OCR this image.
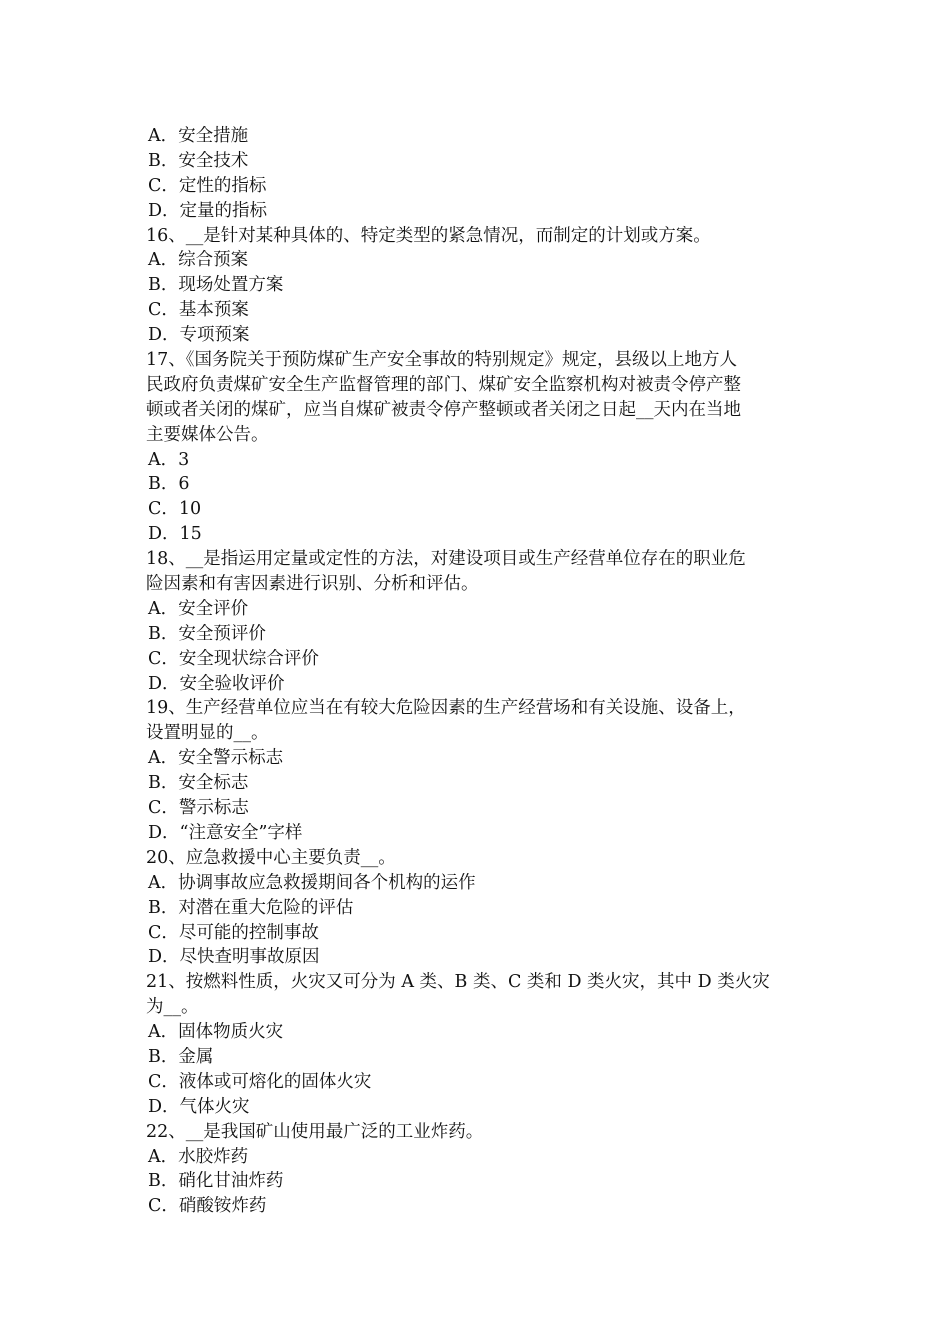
A．安全措施
B．安全技术
C．定性的指标
D．定量的指标
16、__是针对某种具体的、特定类型的紧急情况，而制定的计划或方案。
A．综合预案
B．现场处置方案
C．基本预案
D．专项预案
17、《国务院关于预防煤矿生产安全事故的特别规定》规定，县级以上地方人
民政府负责煤矿安全生产监督管理的部门、煤矿安全监察机构对被责令停产整
顿或者关闭的煤矿，应当自煤矿被责令停产整顿或者关闭之日起__天内在当地
主要媒体公告。
A．3
B．6
C．10
D．15
18、__是指运用定量或定性的方法，对建设项目或生产经营单位存在的职业危
险因素和有害因素进行识别、分析和评估。
A．安全评价
B．安全预评价
C．安全现状综合评价
D．安全验收评价
19、生产经营单位应当在有较大危险因素的生产经营场和有关设施、设备上，
设置明显的__。
A．安全警示标志
B．安全标志
C．警示标志
D．“注意安全”字样
20、应急救援中心主要负责__。
A．协调事故应急救援期间各个机构的运作
B．对潜在重大危险的评估
C．尽可能的控制事故
D．尽快查明事故原因
21、按燃料性质，火灾又可分为 A 类、B 类、C 类和 D 类火灾，其中 D 类火灾
为__。
A．固体物质火灾
B．金属
C．液体或可熔化的固体火灾
D．气体火灾
22、__是我国矿山使用最广泛的工业炸药。
A．水胶炸药
B．硝化甘油炸药
C．硝酸铵炸药
